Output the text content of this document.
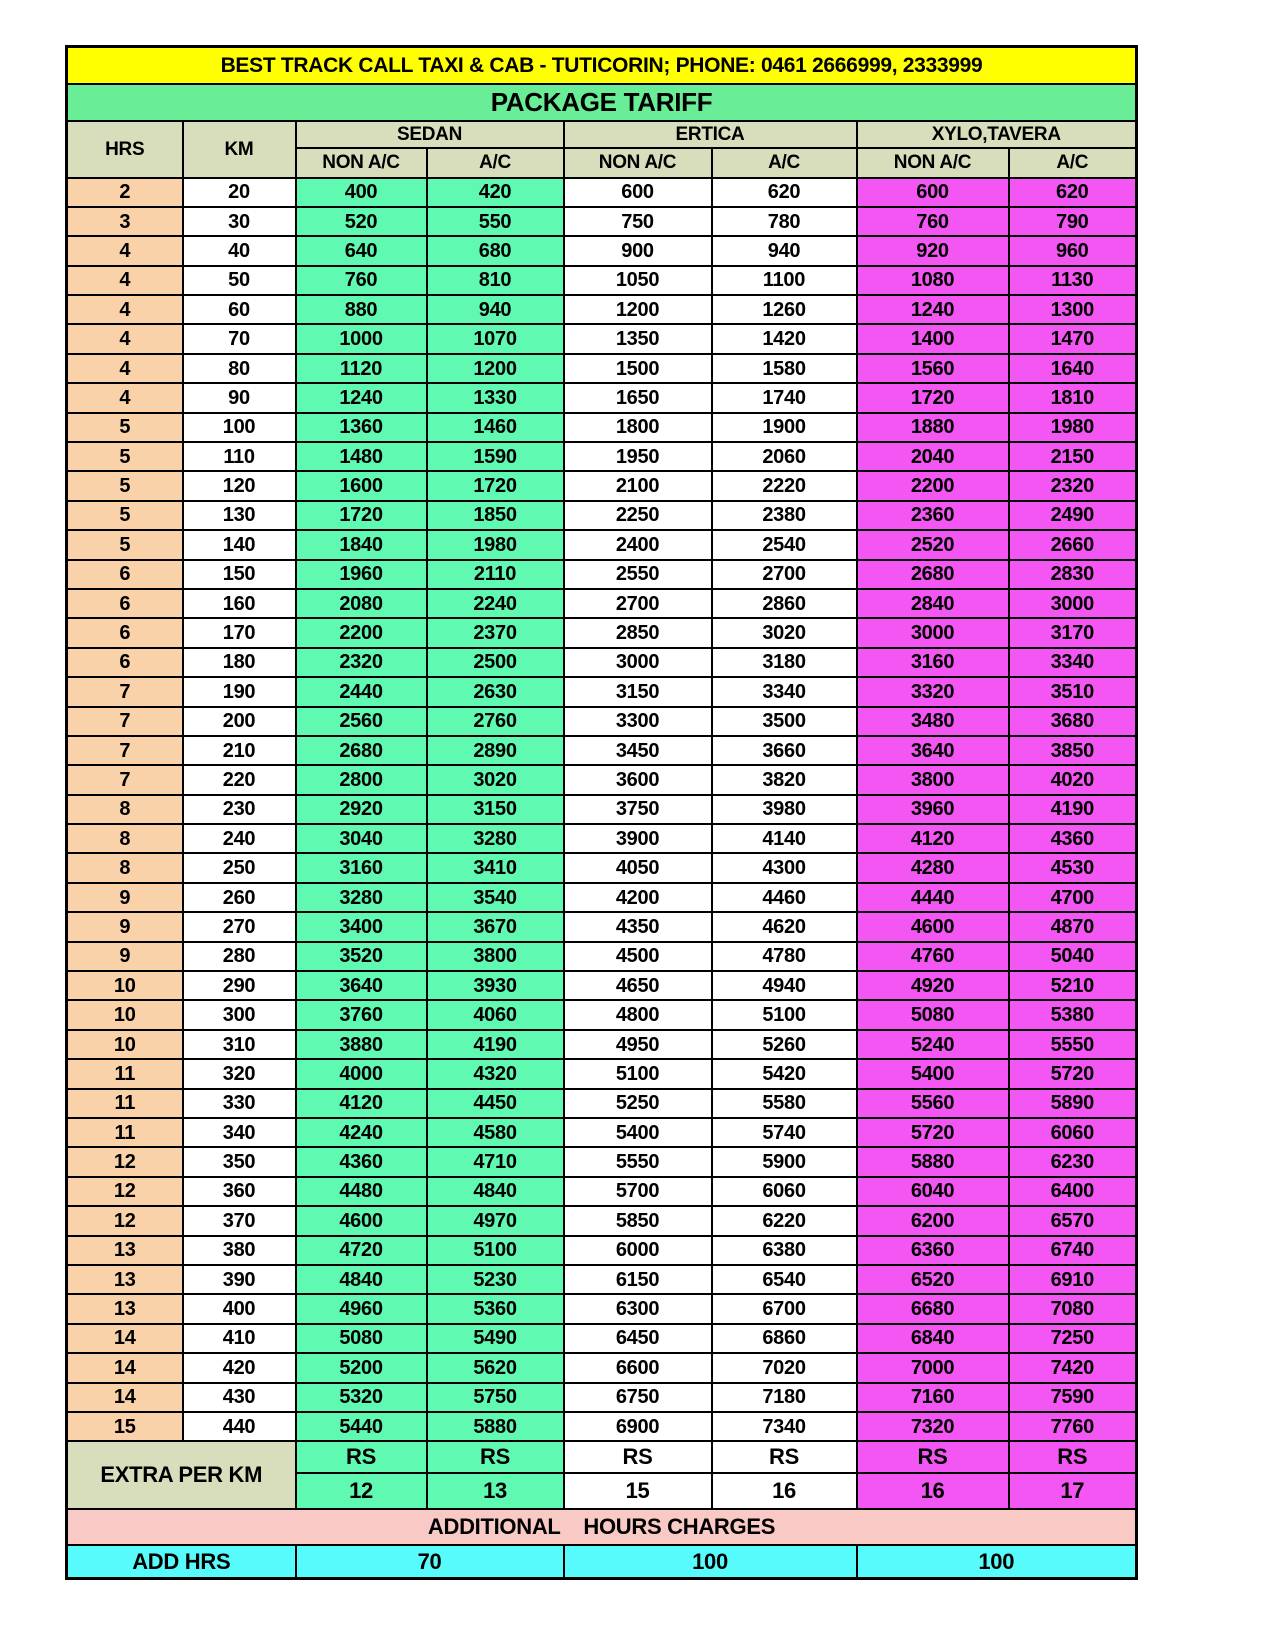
BEST TRACK CALL TAXI & CAB - TUTICORIN; PHONE: 0461 2666999, 2333999							
PACKAGE TARIFF							
HRS	KM	SEDAN		ERTICA		XYLO,TAVERA	
		NON A/C	A/C	NON A/C	A/C	NON A/C	A/C
2	20	400	420	600	620	600	620
3	30	520	550	750	780	760	790
4	40	640	680	900	940	920	960
4	50	760	810	1050	1100	1080	1130
4	60	880	940	1200	1260	1240	1300
4	70	1000	1070	1350	1420	1400	1470
4	80	1120	1200	1500	1580	1560	1640
4	90	1240	1330	1650	1740	1720	1810
5	100	1360	1460	1800	1900	1880	1980
5	110	1480	1590	1950	2060	2040	2150
5	120	1600	1720	2100	2220	2200	2320
5	130	1720	1850	2250	2380	2360	2490
5	140	1840	1980	2400	2540	2520	2660
6	150	1960	2110	2550	2700	2680	2830
6	160	2080	2240	2700	2860	2840	3000
6	170	2200	2370	2850	3020	3000	3170
6	180	2320	2500	3000	3180	3160	3340
7	190	2440	2630	3150	3340	3320	3510
7	200	2560	2760	3300	3500	3480	3680
7	210	2680	2890	3450	3660	3640	3850
7	220	2800	3020	3600	3820	3800	4020
8	230	2920	3150	3750	3980	3960	4190
8	240	3040	3280	3900	4140	4120	4360
8	250	3160	3410	4050	4300	4280	4530
9	260	3280	3540	4200	4460	4440	4700
9	270	3400	3670	4350	4620	4600	4870
9	280	3520	3800	4500	4780	4760	5040
10	290	3640	3930	4650	4940	4920	5210
10	300	3760	4060	4800	5100	5080	5380
10	310	3880	4190	4950	5260	5240	5550
11	320	4000	4320	5100	5420	5400	5720
11	330	4120	4450	5250	5580	5560	5890
11	340	4240	4580	5400	5740	5720	6060
12	350	4360	4710	5550	5900	5880	6230
12	360	4480	4840	5700	6060	6040	6400
12	370	4600	4970	5850	6220	6200	6570
13	380	4720	5100	6000	6380	6360	6740
13	390	4840	5230	6150	6540	6520	6910
13	400	4960	5360	6300	6700	6680	7080
14	410	5080	5490	6450	6860	6840	7250
14	420	5200	5620	6600	7020	7000	7420
14	430	5320	5750	6750	7180	7160	7590
15	440	5440	5880	6900	7340	7320	7760
EXTRA PER KM		RS	RS	RS	RS	RS	RS
		12	13	15	16	16	17
ADDITIONAL    HOURS CHARGES							
ADD HRS		70		100		100	
